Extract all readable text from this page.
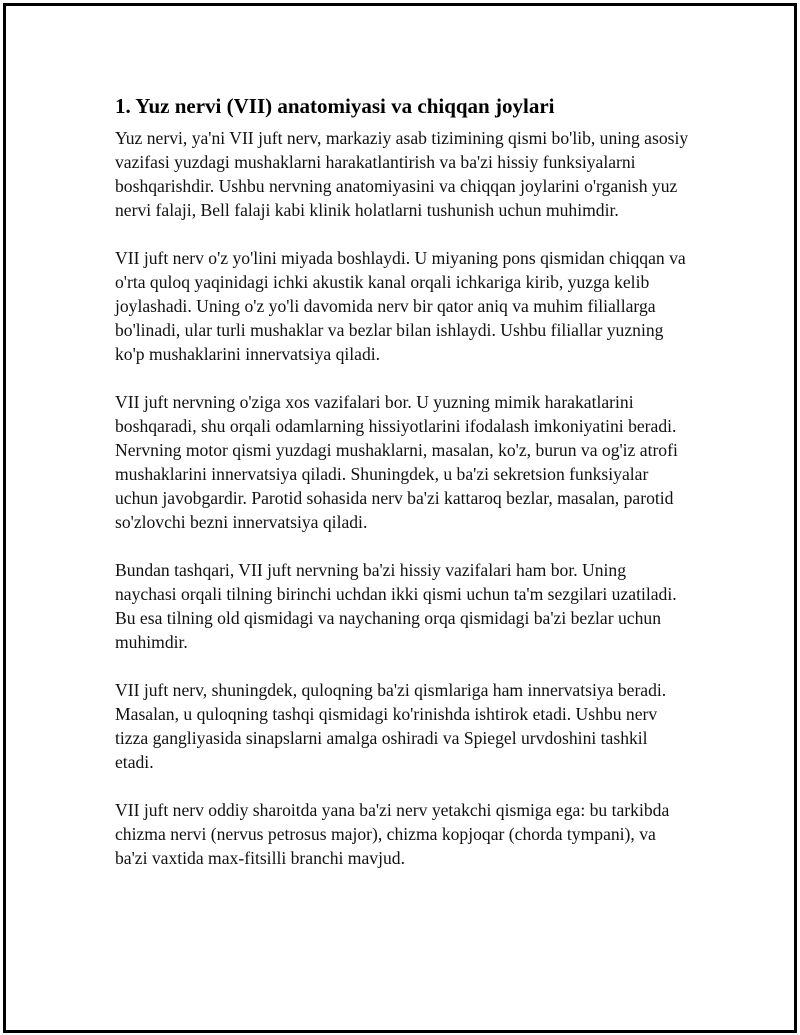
1. Yuz nervi (VII) anatomiyasi va chiqqan joylari

Yuz nervi, ya'ni VII juft nerv, markaziy asab tizimining qismi bo'lib, uning asosiy vazifasi yuzdagi mushaklarni harakatlantirish va ba'zi hissiy funksiyalarni boshqarishdir. Ushbu nervning anatomiyasini va chiqqan joylarini o'rganish yuz nervi falaji, Bell falaji kabi klinik holatlarni tushunish uchun muhimdir.

VII juft nerv o'z yo'lini miyada boshlaydi. U miyaning pons qismidan chiqqan va o'rta quloq yaqinidagi ichki akustik kanal orqali ichkariga kirib, yuzga kelib joylashadi. Uning o'z yo'li davomida nerv bir qator aniq va muhim filiallarga bo'linadi, ular turli mushaklar va bezlar bilan ishlaydi. Ushbu filiallar yuzning ko'p mushaklarini innervatsiya qiladi.

VII juft nervning o'ziga xos vazifalari bor. U yuzning mimik harakatlarini boshqaradi, shu orqali odamlarning hissiyotlarini ifodalash imkoniyatini beradi. Nervning motor qismi yuzdagi mushaklarni, masalan, ko'z, burun va og'iz atrofi mushaklarini innervatsiya qiladi. Shuningdek, u ba'zi sekretsion funksiyalar uchun javobgardir. Parotid sohasida nerv ba'zi kattaroq bezlar, masalan, parotid so'zlovchi bezni innervatsiya qiladi.

Bundan tashqari, VII juft nervning ba'zi hissiy vazifalari ham bor. Uning naychasi orqali tilning birinchi uchdan ikki qismi uchun ta'm sezgilari uzatiladi. Bu esa tilning old qismidagi va naychaning orqa qismidagi ba'zi bezlar uchun muhimdir.

VII juft nerv, shuningdek, quloqning ba'zi qismlariga ham innervatsiya beradi. Masalan, u quloqning tashqi qismidagi ko'rinishda ishtirok etadi. Ushbu nerv tizza gangliyasida sinapslarni amalga oshiradi va Spiegel urvdoshini tashkil etadi.

VII juft nerv oddiy sharoitda yana ba'zi nerv yetakchi qismiga ega: bu tarkibda chizma nervi (nervus petrosus major), chizma kopjoqar (chorda tympani), va ba'zi vaxtida max-fitsilli branchi mavjud.
